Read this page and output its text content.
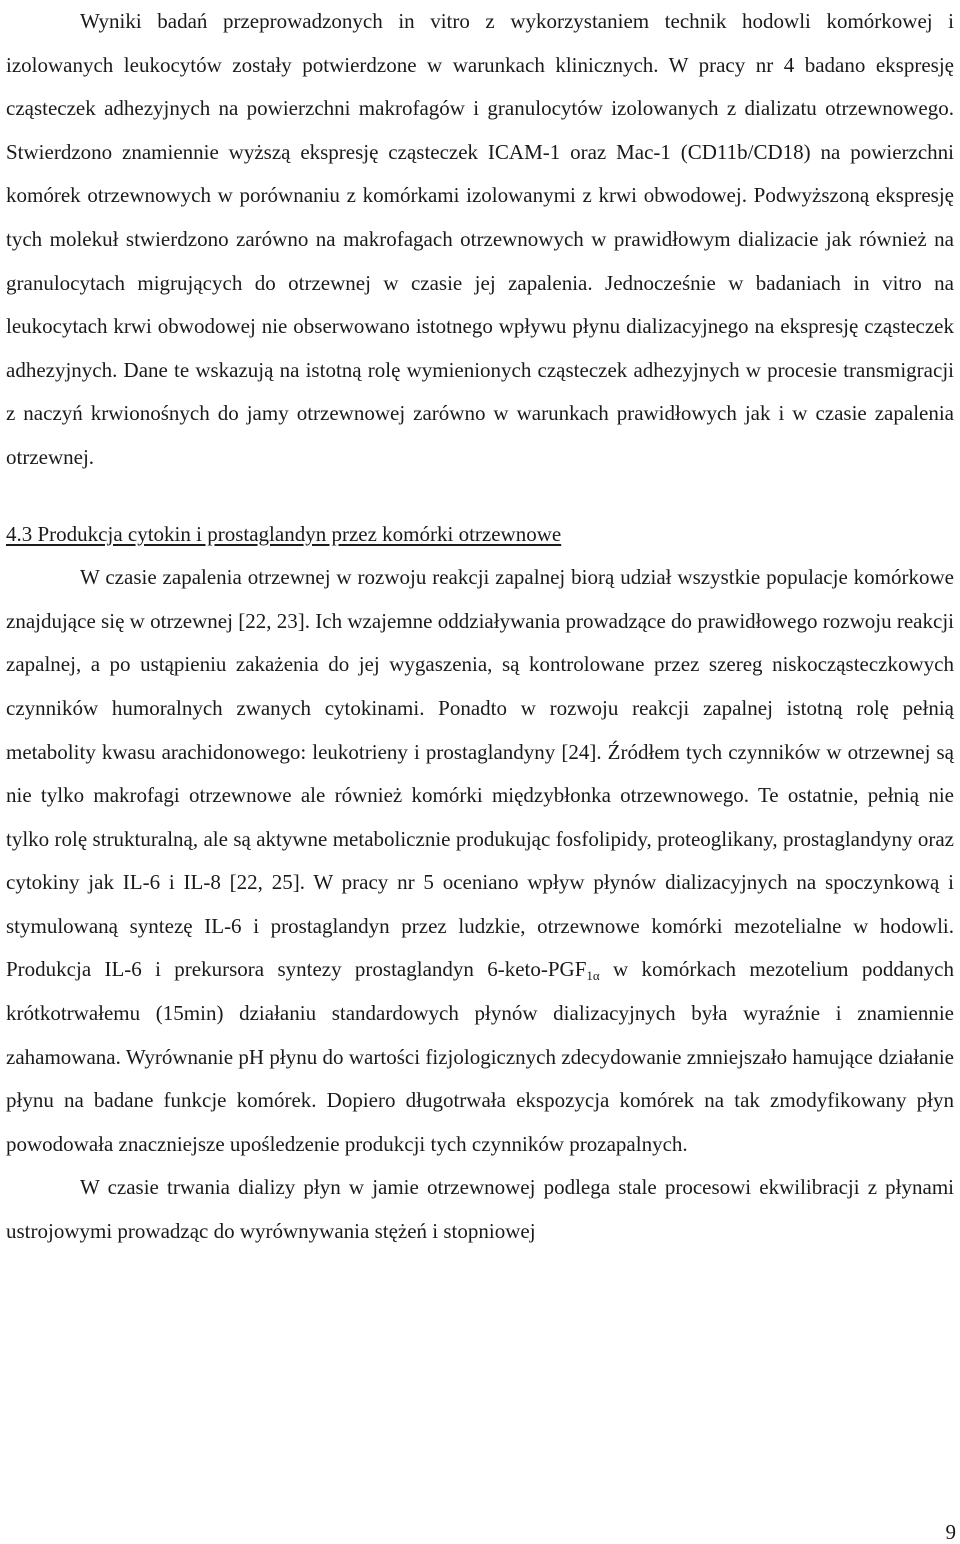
Wyniki badań przeprowadzonych in vitro z wykorzystaniem technik hodowli komórkowej i izolowanych leukocytów zostały potwierdzone w warunkach klinicznych. W pracy nr 4 badano ekspresję cząsteczek adhezyjnych na powierzchni makrofagów i granulocytów izolowanych z dializatu otrzewnowego. Stwierdzono znamiennie wyższą ekspresję cząsteczek ICAM-1 oraz Mac-1 (CD11b/CD18) na powierzchni komórek otrzewnowych w porównaniu z komórkami izolowanymi z krwi obwodowej. Podwyższoną ekspresję tych molekuł stwierdzono zarówno na makrofagach otrzewnowych w prawidłowym dializacie jak również na granulocytach migrujących do otrzewnej w czasie jej zapalenia. Jednocześnie w badaniach in vitro na leukocytach krwi obwodowej nie obserwowano istotnego wpływu płynu dializacyjnego na ekspresję cząsteczek adhezyjnych. Dane te wskazują na istotną rolę wymienionych cząsteczek adhezyjnych w procesie transmigracji z naczyń krwionośnych do jamy otrzewnowej zarówno w warunkach prawidłowych jak i w czasie zapalenia otrzewnej.

4.3 Produkcja cytokin i prostaglandyn przez komórki otrzewnowe

W czasie zapalenia otrzewnej w rozwoju reakcji zapalnej biorą udział wszystkie populacje komórkowe znajdujące się w otrzewnej [22, 23]. Ich wzajemne oddziaływania prowadzące do prawidłowego rozwoju reakcji zapalnej, a po ustąpieniu zakażenia do jej wygaszenia, są kontrolowane przez szereg niskocząsteczkowych czynników humoralnych zwanych cytokinami. Ponadto w rozwoju reakcji zapalnej istotną rolę pełnią metabolity kwasu arachidonowego: leukotrieny i prostaglandyny [24]. Źródłem tych czynników w otrzewnej są nie tylko makrofagi otrzewnowe ale również komórki międzybłonka otrzewnowego. Te ostatnie, pełnią nie tylko rolę strukturalną, ale są aktywne metabolicznie produkując fosfolipidy, proteoglikany, prostaglandyny oraz cytokiny jak IL-6 i IL-8 [22, 25]. W pracy nr 5 oceniano wpływ płynów dializacyjnych na spoczynkową i stymulowaną syntezę IL-6 i prostaglandyn przez ludzkie, otrzewnowe komórki mezotelialne w hodowli. Produkcja IL-6 i prekursora syntezy prostaglandyn $6-keto-PGF_{1\alpha}$ w komórkach mezotelium poddanych krótkotrwałemu (15min) działaniu standardowych płynów dializacyjnych była wyraźnie i znamiennie zahamowana. Wyrównanie pH płynu do wartości fizjologicznych zdecydowanie zmniejszało hamujące działanie płynu na badane funkcje komórek. Dopiero długotrwała ekspozycja komórek na tak zmodyfikowany płyn powodowała znaczniejsze upośledzenie produkcji tych czynników prozapalnych.

W czasie trwania dializy płyn w jamie otrzewnowej podlega stale procesowi ekwilibracji z płynami ustrojowymi prowadząc do wyrównywania stężeń i stopniowej

9
